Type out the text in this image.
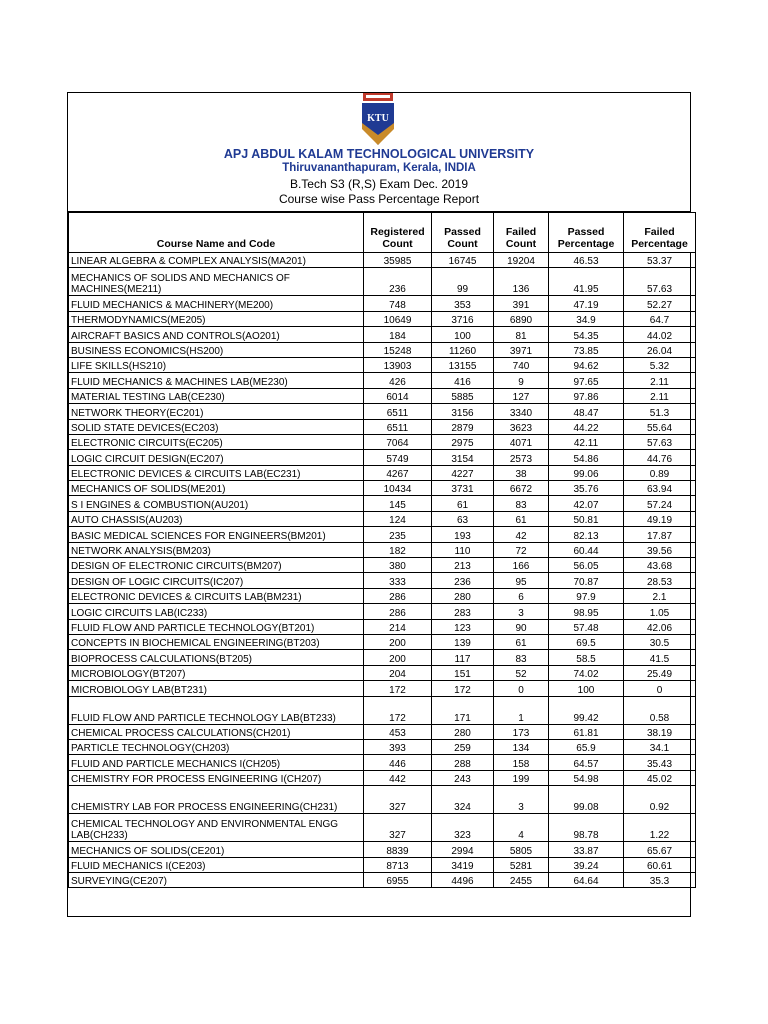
KTU
APJ ABDUL KALAM TECHNOLOGICAL UNIVERSITY
Thiruvananthapuram, Kerala, INDIA
B.Tech S3 (R,S) Exam Dec. 2019
Course wise Pass Percentage Report
Course Name and Code	Registered Count	Passed Count	Failed Count	Passed Percentage	Failed Percentage
LINEAR ALGEBRA & COMPLEX ANALYSIS(MA201)	35985	16745	19204	46.53	53.37
MECHANICS OF SOLIDS AND MECHANICS OF MACHINES(ME211)	236	99	136	41.95	57.63
FLUID MECHANICS & MACHINERY(ME200)	748	353	391	47.19	52.27
THERMODYNAMICS(ME205)	10649	3716	6890	34.9	64.7
AIRCRAFT BASICS AND CONTROLS(AO201)	184	100	81	54.35	44.02
BUSINESS ECONOMICS(HS200)	15248	11260	3971	73.85	26.04
LIFE SKILLS(HS210)	13903	13155	740	94.62	5.32
FLUID MECHANICS & MACHINES LAB(ME230)	426	416	9	97.65	2.11
MATERIAL TESTING LAB(CE230)	6014	5885	127	97.86	2.11
NETWORK THEORY(EC201)	6511	3156	3340	48.47	51.3
SOLID STATE DEVICES(EC203)	6511	2879	3623	44.22	55.64
ELECTRONIC CIRCUITS(EC205)	7064	2975	4071	42.11	57.63
LOGIC CIRCUIT DESIGN(EC207)	5749	3154	2573	54.86	44.76
ELECTRONIC DEVICES & CIRCUITS LAB(EC231)	4267	4227	38	99.06	0.89
MECHANICS OF SOLIDS(ME201)	10434	3731	6672	35.76	63.94
S I ENGINES & COMBUSTION(AU201)	145	61	83	42.07	57.24
AUTO CHASSIS(AU203)	124	63	61	50.81	49.19
BASIC MEDICAL SCIENCES FOR ENGINEERS(BM201)	235	193	42	82.13	17.87
NETWORK ANALYSIS(BM203)	182	110	72	60.44	39.56
DESIGN OF ELECTRONIC CIRCUITS(BM207)	380	213	166	56.05	43.68
DESIGN OF LOGIC CIRCUITS(IC207)	333	236	95	70.87	28.53
ELECTRONIC DEVICES & CIRCUITS LAB(BM231)	286	280	6	97.9	2.1
LOGIC CIRCUITS LAB(IC233)	286	283	3	98.95	1.05
FLUID FLOW AND PARTICLE TECHNOLOGY(BT201)	214	123	90	57.48	42.06
CONCEPTS IN BIOCHEMICAL ENGINEERING(BT203)	200	139	61	69.5	30.5
BIOPROCESS CALCULATIONS(BT205)	200	117	83	58.5	41.5
MICROBIOLOGY(BT207)	204	151	52	74.02	25.49
MICROBIOLOGY LAB(BT231)	172	172	0	100	0
FLUID FLOW AND PARTICLE TECHNOLOGY LAB(BT233)	172	171	1	99.42	0.58
CHEMICAL PROCESS CALCULATIONS(CH201)	453	280	173	61.81	38.19
PARTICLE TECHNOLOGY(CH203)	393	259	134	65.9	34.1
FLUID AND PARTICLE MECHANICS I(CH205)	446	288	158	64.57	35.43
CHEMISTRY FOR PROCESS ENGINEERING I(CH207)	442	243	199	54.98	45.02
CHEMISTRY LAB FOR PROCESS ENGINEERING(CH231)	327	324	3	99.08	0.92
CHEMICAL TECHNOLOGY AND ENVIRONMENTAL ENGG LAB(CH233)	327	323	4	98.78	1.22
MECHANICS OF SOLIDS(CE201)	8839	2994	5805	33.87	65.67
FLUID MECHANICS I(CE203)	8713	3419	5281	39.24	60.61
SURVEYING(CE207)	6955	4496	2455	64.64	35.3
